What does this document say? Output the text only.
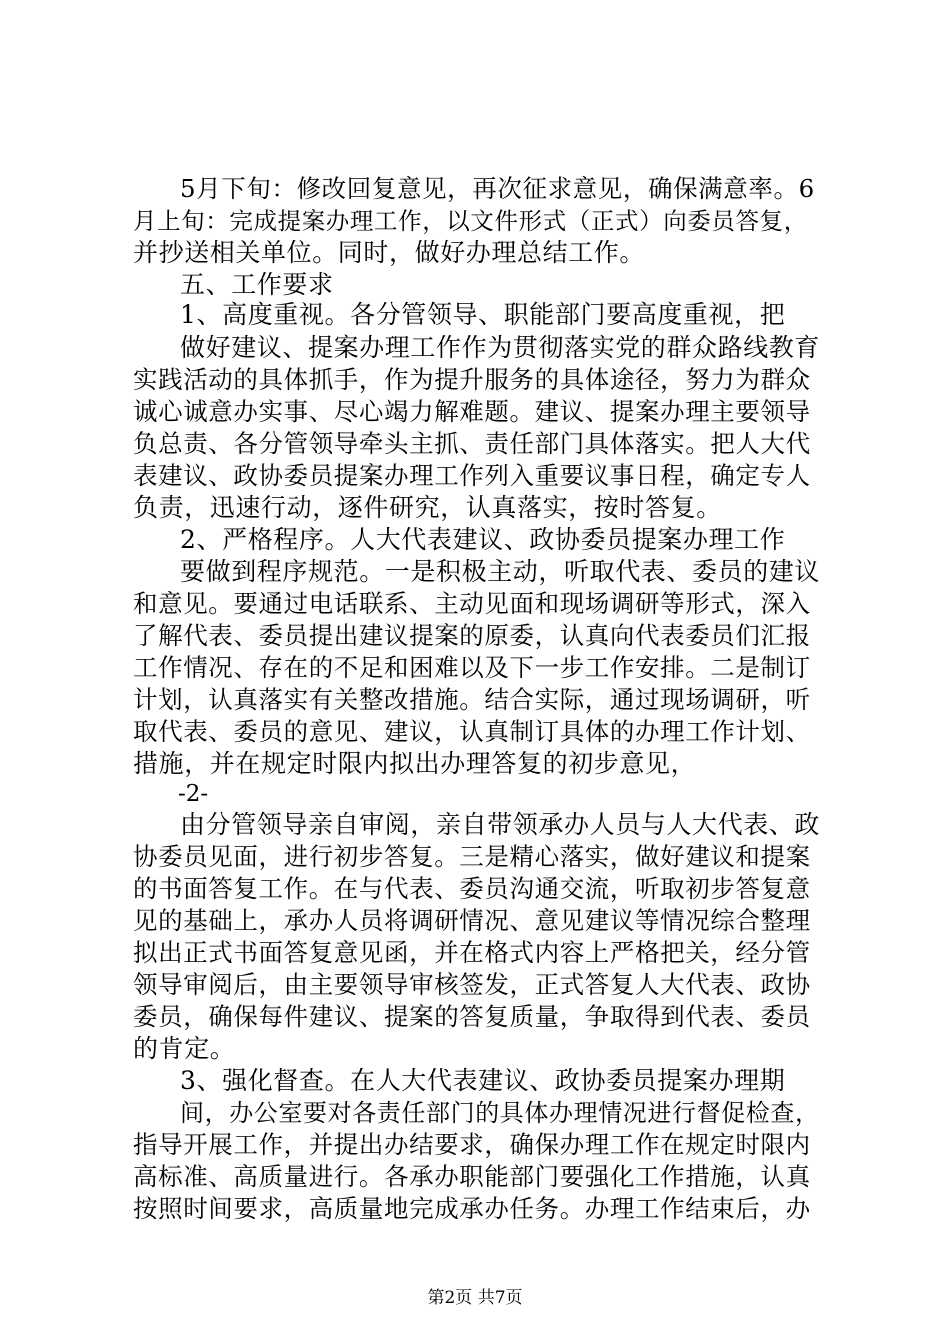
5月下旬：修改回复意见，再次征求意见，确保满意率。6
月上旬：完成提案办理工作，以文件形式（正式）向委员答复，
并抄送相关单位。同时，做好办理总结工作。
五、工作要求
1、高度重视。各分管领导、职能部门要高度重视，把
做好建议、提案办理工作作为贯彻落实党的群众路线教育
实践活动的具体抓手，作为提升服务的具体途径，努力为群众
诚心诚意办实事、尽心竭力解难题。建议、提案办理主要领导
负总责、各分管领导牵头主抓、责任部门具体落实。把人大代
表建议、政协委员提案办理工作列入重要议事日程，确定专人
负责，迅速行动，逐件研究，认真落实，按时答复。
2、严格程序。人大代表建议、政协委员提案办理工作
要做到程序规范。一是积极主动，听取代表、委员的建议
和意见。要通过电话联系、主动见面和现场调研等形式，深入
了解代表、委员提出建议提案的原委，认真向代表委员们汇报
工作情况、存在的不足和困难以及下一步工作安排。二是制订
计划，认真落实有关整改措施。结合实际，通过现场调研，听
取代表、委员的意见、建议，认真制订具体的办理工作计划、
措施，并在规定时限内拟出办理答复的初步意见，
-2-
由分管领导亲自审阅，亲自带领承办人员与人大代表、政
协委员见面，进行初步答复。三是精心落实，做好建议和提案
的书面答复工作。在与代表、委员沟通交流，听取初步答复意
见的基础上，承办人员将调研情况、意见建议等情况综合整理
拟出正式书面答复意见函，并在格式内容上严格把关，经分管
领导审阅后，由主要领导审核签发，正式答复人大代表、政协
委员，确保每件建议、提案的答复质量，争取得到代表、委员
的肯定。
3、强化督查。在人大代表建议、政协委员提案办理期
间，办公室要对各责任部门的具体办理情况进行督促检查，
指导开展工作，并提出办结要求，确保办理工作在规定时限内
高标准、高质量进行。各承办职能部门要强化工作措施，认真
按照时间要求，高质量地完成承办任务。办理工作结束后，办
第2页 共7页
